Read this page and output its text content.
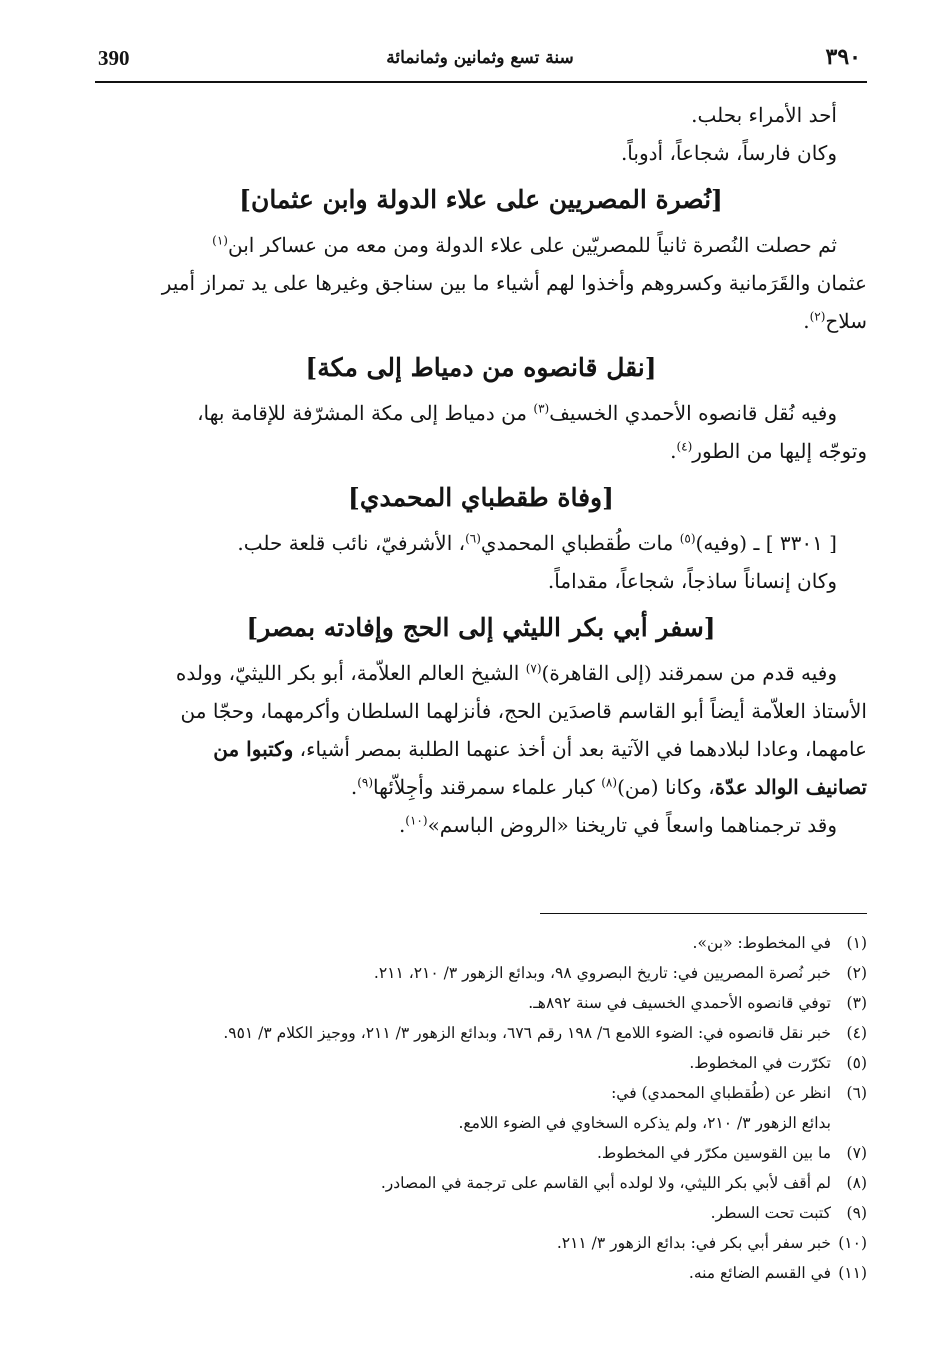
390	سنة تسع وثمانين وثمانمائة	٣٩٠

أحد الأمراء بحلب.

وكان فارساً، شجاعاً، أدوباً.

[نُصرة المصريين على علاء الدولة وابن عثمان]

ثم حصلت النُصرة ثانياً للمصريّين على علاء الدولة ومن معه من عساكر ابن$^{(١)}$

عثمان والقَرَمانية وكسروهم وأخذوا لهم أشياء ما بين سناجق وغيرها على يد تمراز أمير

سلاح$^{(٢)}$.

[نقل قانصوه من دمياط إلى مكة]

وفيه نُقل قانصوه الأحمدي الخسيف$^{(٣)}$ من دمياط إلى مكة المشرّفة للإقامة بها،

وتوجّه إليها من الطور$^{(٤)}$.

[وفاة طقطباي المحمدي]

[ ٣٣٠١ ] ـ (وفيه)$^{(٥)}$ مات طُقطباي المحمدي$^{(٦)}$، الأشرفيّ، نائب قلعة حلب.

وكان إنساناً ساذجاً، شجاعاً، مقداماً.

[سفر أبي بكر الليثي إلى الحج وإفادته بمصر]

وفيه قدم من سمرقند (إلى القاهرة)$^{(٧)}$ الشيخ العالم العلاّمة، أبو بكر الليثيّ، وولده

الأستاذ العلاّمة أيضاً أبو القاسم قاصدَين الحج، فأنزلهما السلطان وأكرمهما، وحجّا من

عامهما، وعادا لبلادهما في الآتية بعد أن أخذ عنهما الطلبة بمصر أشياء، وكتبوا من

تصانيف الوالد عدّة، وكانا (من)$^{(٨)}$ كبار علماء سمرقند وأجِلاّئها$^{(٩)}$.

وقد ترجمناهما واسعاً في تاريخنا «الروض الباسم»$^{(١٠)}$.

(١)في المخطوط: «بن».

(٢)خبر نُصرة المصريين في: تاريخ البصروي ٩٨، وبدائع الزهور ٣/ ٢١٠، ٢١١.

(٣)توفي قانصوه الأحمدي الخسيف في سنة ٨٩٢هـ.

(٤)خبر نقل قانصوه في: الضوء اللامع ٦/ ١٩٨ رقم ٦٧٦، وبدائع الزهور ٣/ ٢١١، ووجيز الكلام ٣/ ٩٥١.

(٥)تكرّرت في المخطوط.

(٦)انظر عن (طُقطباي المحمدي) في:

بدائع الزهور ٣/ ٢١٠، ولم يذكره السخاوي في الضوء اللامع.

(٧)ما بين القوسين مكرّر في المخطوط.

(٨)لم أقف لأبي بكر الليثي، ولا لولده أبي القاسم على ترجمة في المصادر.

(٩)كتبت تحت السطر.

(١٠)خبر سفر أبي بكر في: بدائع الزهور ٣/ ٢١١.

(١١)في القسم الضائع منه.
